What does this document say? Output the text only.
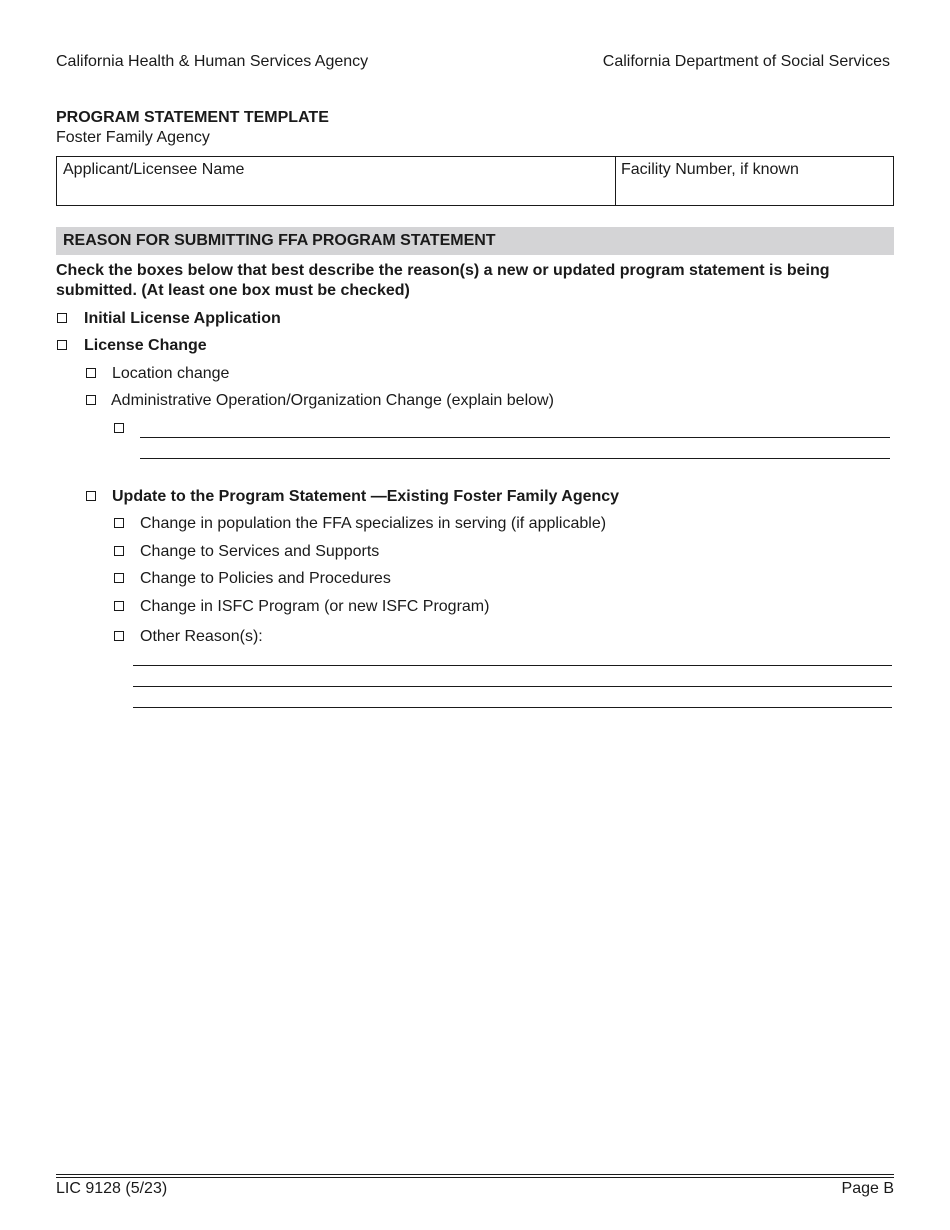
California Health & Human Services Agency	California Department of Social Services
PROGRAM STATEMENT TEMPLATE
Foster Family Agency
Applicant/Licensee Name	Facility Number, if known
REASON FOR SUBMITTING FFA PROGRAM STATEMENT
Check the boxes below that best describe the reason(s) a new or updated program statement is being
submitted. (At least one box must be checked)
Initial License Application
License Change
Location change
Administrative Operation/Organization Change (explain below)
Update to the Program Statement —Existing Foster Family Agency
Change in population the FFA specializes in serving (if applicable)
Change to Services and Supports
Change to Policies and Procedures
Change in ISFC Program (or new ISFC Program)
Other Reason(s):
LIC 9128 (5/23)	Page B
